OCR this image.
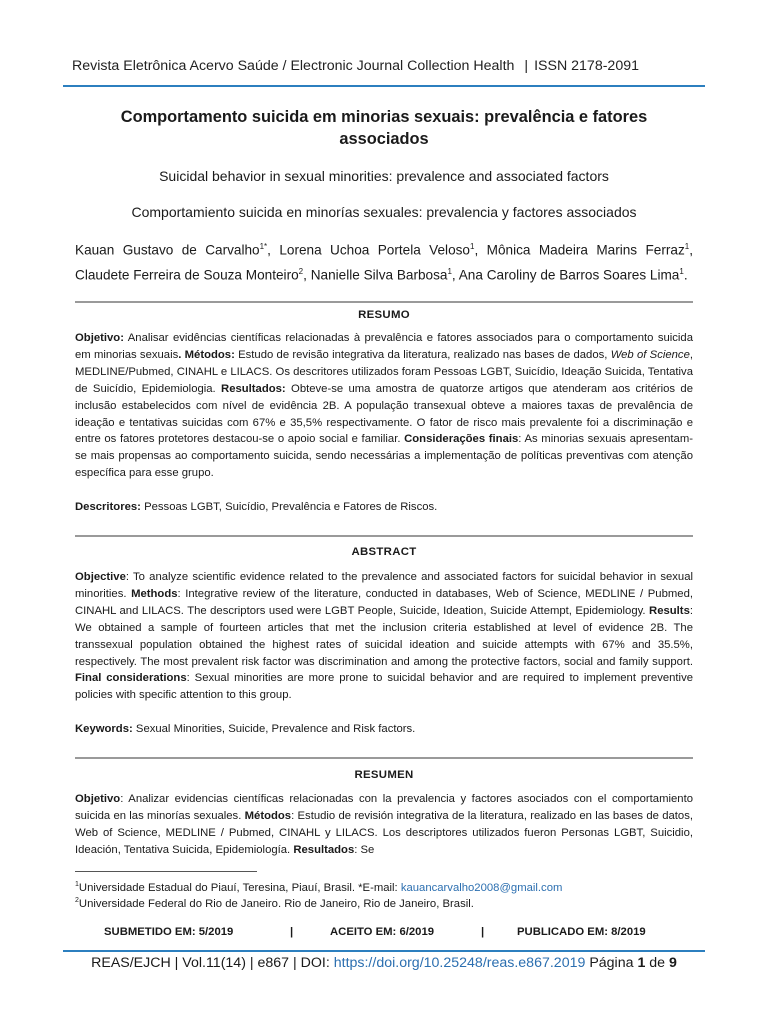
Revista Eletrônica Acervo Saúde / Electronic Journal Collection Health | ISSN 2178-2091
Comportamento suicida em minorias sexuais: prevalência e fatores associados
Suicidal behavior in sexual minorities: prevalence and associated factors
Comportamiento suicida en minorías sexuales: prevalencia y factores associados
Kauan Gustavo de Carvalho$^{1*}$, Lorena Uchoa Portela Veloso$^1$, Mônica Madeira Marins Ferraz$^1$, Claudete Ferreira de Souza Monteiro$^2$, Nanielle Silva Barbosa$^1$, Ana Caroliny de Barros Soares Lima$^1$.
RESUMO

Objetivo: Analisar evidências científicas relacionadas à prevalência e fatores associados para o comportamento suicida em minorias sexuais. Métodos: Estudo de revisão integrativa da literatura, realizado nas bases de dados, Web of Science, MEDLINE/Pubmed, CINAHL e LILACS. Os descritores utilizados foram Pessoas LGBT, Suicídio, Ideação Suicida, Tentativa de Suicídio, Epidemiologia. Resultados: Obteve-se uma amostra de quatorze artigos que atenderam aos critérios de inclusão estabelecidos com nível de evidência 2B. A população transexual obteve a maiores taxas de prevalência de ideação e tentativas suicidas com 67% e 35,5% respectivamente. O fator de risco mais prevalente foi a discriminação e entre os fatores protetores destacou-se o apoio social e familiar. Considerações finais: As minorias sexuais apresentam-se mais propensas ao comportamento suicida, sendo necessárias a implementação de políticas preventivas com atenção específica para esse grupo.

Descritores: Pessoas LGBT, Suicídio, Prevalência e Fatores de Riscos.
ABSTRACT

Objective: To analyze scientific evidence related to the prevalence and associated factors for suicidal behavior in sexual minorities. Methods: Integrative review of the literature, conducted in databases, Web of Science, MEDLINE / Pubmed, CINAHL and LILACS. The descriptors used were LGBT People, Suicide, Ideation, Suicide Attempt, Epidemiology. Results: We obtained a sample of fourteen articles that met the inclusion criteria established at level of evidence 2B. The transsexual population obtained the highest rates of suicidal ideation and suicide attempts with 67% and 35.5%, respectively. The most prevalent risk factor was discrimination and among the protective factors, social and family support. Final considerations: Sexual minorities are more prone to suicidal behavior and are required to implement preventive policies with specific attention to this group.

Keywords: Sexual Minorities, Suicide, Prevalence and Risk factors.
RESUMEN

Objetivo: Analizar evidencias científicas relacionadas con la prevalencia y factores asociados con el comportamiento suicida en las minorías sexuales. Métodos: Estudio de revisión integrativa de la literatura, realizado en las bases de datos, Web of Science, MEDLINE / Pubmed, CINAHL y LILACS. Los descriptores utilizados fueron Personas LGBT, Suicidio, Ideación, Tentativa Suicida, Epidemiología. Resultados: Se

$^1$Universidade Estadual do Piauí, Teresina, Piauí, Brasil. *E-mail: kauancarvalho2008@gmail.com
$^2$Universidade Federal do Rio de Janeiro. Rio de Janeiro, Rio de Janeiro, Brasil.
SUBMETIDO EM: 5/2019	|	ACEITO EM: 6/2019	|	PUBLICADO EM: 8/2019
REAS/EJCH | Vol.11(14) | e867 | DOI: https://doi.org/10.25248/reas.e867.2019 Página 1 de 9
